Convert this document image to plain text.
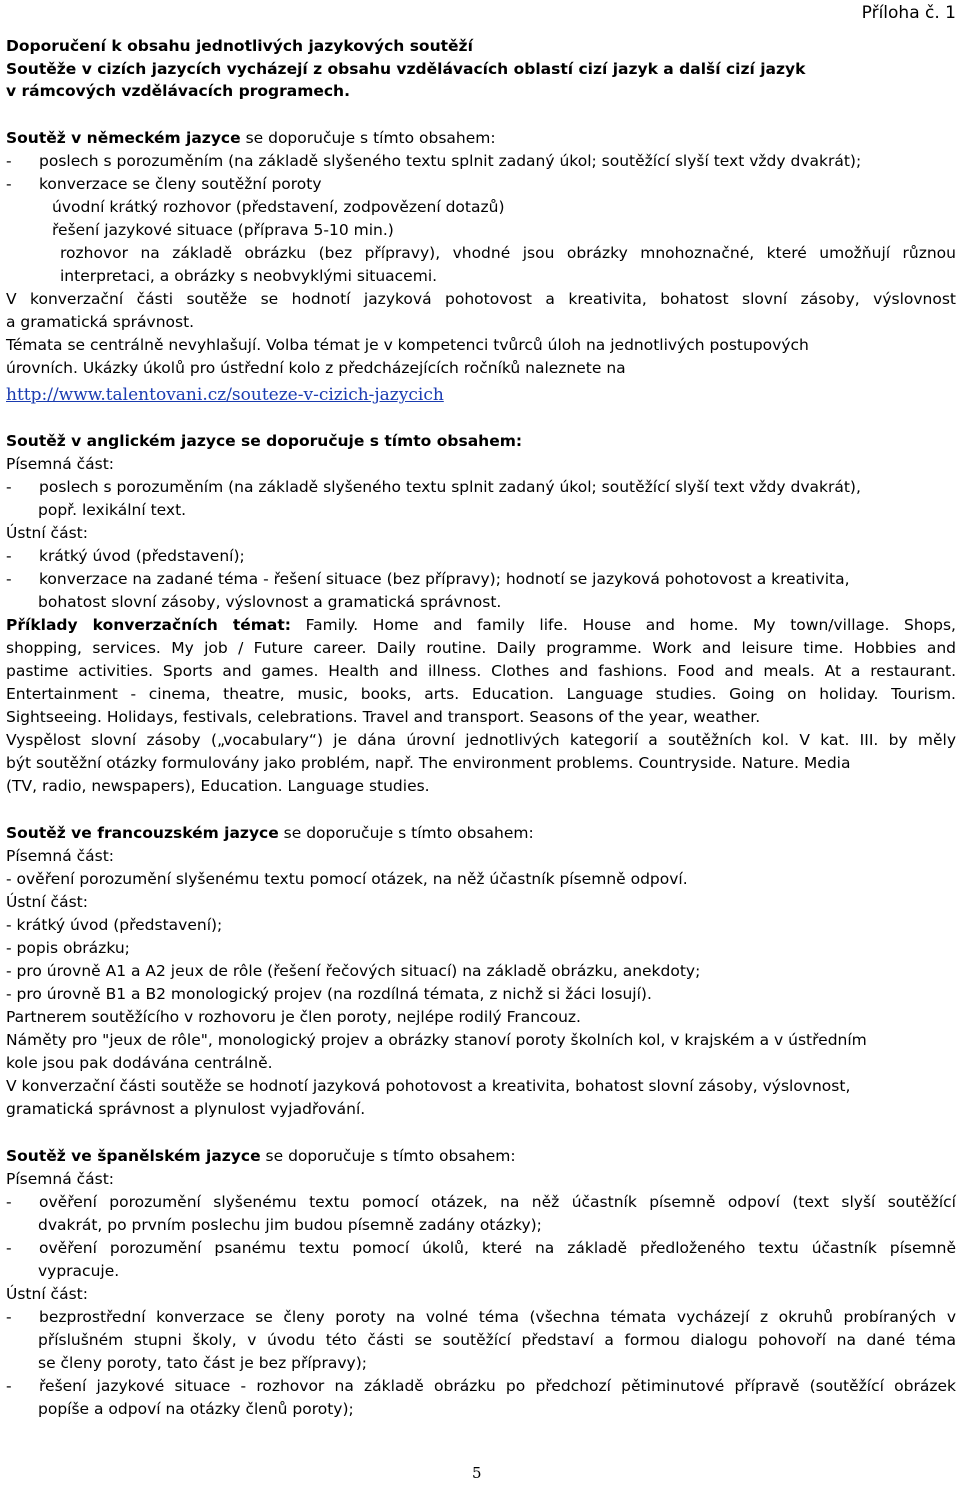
Příloha č. 1
Doporučení k obsahu jednotlivých jazykových soutěží
Soutěže v cizích jazycích vycházejí z obsahu vzdělávacích oblastí cizí jazyk a další cizí jazyk
v rámcových vzdělávacích programech.
Soutěž v německém jazyce se doporučuje s tímto obsahem:
- poslech s porozuměním (na základě slyšeného textu splnit zadaný úkol; soutěžící slyší text vždy dvakrát);
- konverzace se členy soutěžní poroty
úvodní krátký rozhovor (představení, zodpovězení dotazů)
řešení jazykové situace (příprava 5-10 min.)
rozhovor na základě obrázku (bez přípravy), vhodné jsou obrázky mnohoznačné, které umožňují různou
interpretaci, a obrázky s neobvyklými situacemi.
V konverzační části soutěže se hodnotí jazyková pohotovost a kreativita, bohatost slovní zásoby, výslovnost
a gramatická správnost.
Témata se centrálně nevyhlašují. Volba témat je v kompetenci tvůrců úloh na jednotlivých postupových
úrovních. Ukázky úkolů pro ústřední kolo z předcházejících ročníků naleznete na
http://www.talentovani.cz/souteze-v-cizich-jazycich
Soutěž v anglickém jazyce se doporučuje s tímto obsahem:
Písemná část:
- poslech s porozuměním (na základě slyšeného textu splnit zadaný úkol; soutěžící slyší text vždy dvakrát),
popř. lexikální text.
Ústní část:
- krátký úvod (představení);
- konverzace na zadané téma - řešení situace (bez přípravy); hodnotí se jazyková pohotovost a kreativita,
bohatost slovní zásoby, výslovnost a gramatická správnost.
Příklady konverzačních témat: Family. Home and family life. House and home. My town/village. Shops,
shopping, services. My job / Future career. Daily routine. Daily programme. Work and leisure time. Hobbies and
pastime activities. Sports and games. Health and illness. Clothes and fashions. Food and meals. At a restaurant.
Entertainment - cinema, theatre, music, books, arts. Education. Language studies. Going on holiday. Tourism.
Sightseeing. Holidays, festivals, celebrations. Travel and transport. Seasons of the year, weather.
Vyspělost slovní zásoby („vocabulary“) je dána úrovní jednotlivých kategorií a soutěžních kol. V kat. III. by měly
být soutěžní otázky formulovány jako problém, např. The environment problems. Countryside. Nature. Media
(TV, radio, newspapers), Education. Language studies.
Soutěž ve francouzském jazyce se doporučuje s tímto obsahem:
Písemná část:
- ověření porozumění slyšenému textu pomocí otázek, na něž účastník písemně odpoví.
Ústní část:
- krátký úvod (představení);
- popis obrázku;
- pro úrovně A1 a A2 jeux de rôle (řešení řečových situací) na základě obrázku, anekdoty;
- pro úrovně B1 a B2 monologický projev (na rozdílná témata, z nichž si žáci losují).
Partnerem soutěžícího v rozhovoru je člen poroty, nejlépe rodilý Francouz.
Náměty pro "jeux de rôle", monologický projev a obrázky stanoví poroty školních kol, v krajském a v ústředním
kole jsou pak dodávána centrálně.
V konverzační části soutěže se hodnotí jazyková pohotovost a kreativita, bohatost slovní zásoby, výslovnost,
gramatická správnost a plynulost vyjadřování.
Soutěž ve španělském jazyce se doporučuje s tímto obsahem:
Písemná část:
- ověření porozumění slyšenému textu pomocí otázek, na něž účastník písemně odpoví (text slyší soutěžící
dvakrát, po prvním poslechu jim budou písemně zadány otázky);
- ověření porozumění psanému textu pomocí úkolů, které na základě předloženého textu účastník písemně
vypracuje.
Ústní část:
- bezprostřední konverzace se členy poroty na volné téma (všechna témata vycházejí z okruhů probíraných v
příslušném stupni školy, v úvodu této části se soutěžící představí a formou dialogu pohovoří na dané téma
se členy poroty, tato část je bez přípravy);
- řešení jazykové situace - rozhovor na základě obrázku po předchozí pětiminutové přípravě (soutěžící obrázek
popíše a odpoví na otázky členů poroty);
5
